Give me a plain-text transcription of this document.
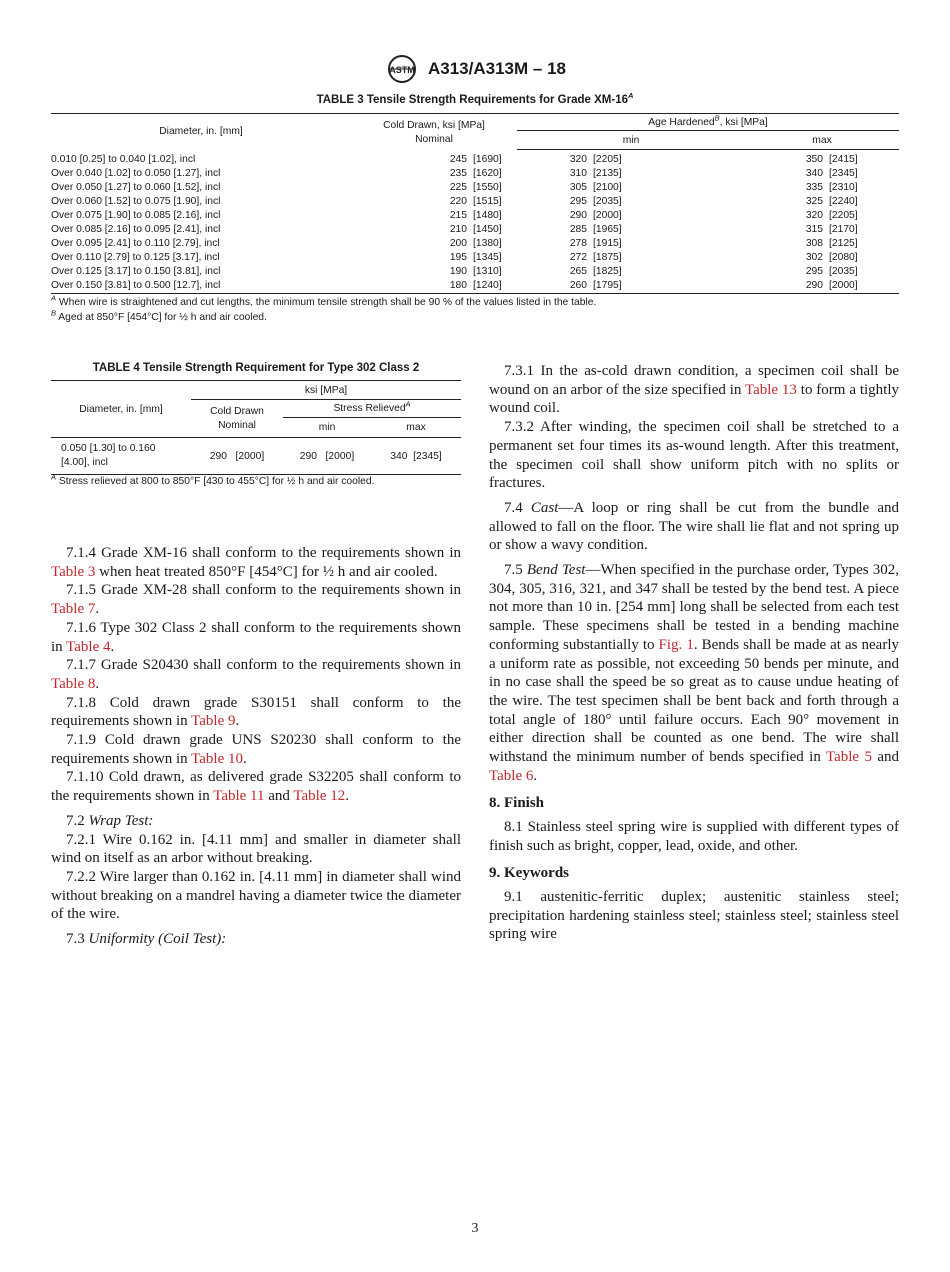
ASTM A313/A313M – 18
TABLE 3 Tensile Strength Requirements for Grade $XM-16^A$
Diameter, in. [mm]	Cold Drawn, ksi [MPa]
Nominal		Age Hardened$^B$, ksi [MPa]			
			min		max	
0.010 [0.25] to 0.040 [1.02], incl	245	[1690]	320	[2205]	350	[2415]
Over 0.040 [1.02] to 0.050 [1.27], incl	235	[1620]	310	[2135]	340	[2345]
Over 0.050 [1.27] to 0.060 [1.52], incl	225	[1550]	305	[2100]	335	[2310]
Over 0.060 [1.52] to 0.075 [1.90], incl	220	[1515]	295	[2035]	325	[2240]
Over 0.075 [1.90] to 0.085 [2.16], incl	215	[1480]	290	[2000]	320	[2205]
Over 0.085 [2.16] to 0.095 [2.41], incl	210	[1450]	285	[1965]	315	[2170]
Over 0.095 [2.41] to 0.110 [2.79], incl	200	[1380]	278	[1915]	308	[2125]
Over 0.110 [2.79] to 0.125 [3.17], incl	195	[1345]	272	[1875]	302	[2080]
Over 0.125 [3.17] to 0.150 [3.81], incl	190	[1310]	265	[1825]	295	[2035]
Over 0.150 [3.81] to 0.500 [12.7], incl	180	[1240]	260	[1795]	290	[2000]
$^A$ When wire is straightened and cut lengths, the minimum tensile strength shall be 90 % of the values listed in the table.
$^B$ Aged at 850°F [454°C] for ½ h and air cooled.
TABLE 4 Tensile Strength Requirement for Type 302 Class 2
Diameter, in. [mm]	ksi [MPa]		

	Cold Drawn
Nominal	Stress Relieved$^A$
		min	max

0.050 [1.30] to 0.160
[4.00], incl	290   [2000]	290   [2000]	340  [2345]
$^A$ Stress relieved at 800 to 850°F [430 to 455°C] for ½ h and air cooled.

7.1.4 Grade XM-16 shall conform to the requirements shown in Table 3 when heat treated 850°F [454°C] for ½ h and air cooled.

7.1.5 Grade XM-28 shall conform to the requirements shown in Table 7.

7.1.6 Type 302 Class 2 shall conform to the requirements shown in Table 4.

7.1.7 Grade S20430 shall conform to the requirements shown in Table 8.

7.1.8 Cold drawn grade S30151 shall conform to the requirements shown in Table 9.

7.1.9 Cold drawn grade UNS S20230 shall conform to the requirements shown in Table 10.

7.1.10 Cold drawn, as delivered grade S32205 shall conform to the requirements shown in Table 11 and Table 12.

7.2 Wrap Test:

7.2.1 Wire 0.162 in. [4.11 mm] and smaller in diameter shall wind on itself as an arbor without breaking.

7.2.2 Wire larger than 0.162 in. [4.11 mm] in diameter shall wind without breaking on a mandrel having a diameter twice the diameter of the wire.

7.3 Uniformity (Coil Test):

7.3.1 In the as-cold drawn condition, a specimen coil shall be wound on an arbor of the size specified in Table 13 to form a tightly wound coil.

7.3.2 After winding, the specimen coil shall be stretched to a permanent set four times its as-wound length. After this treatment, the specimen coil shall show uniform pitch with no splits or fractures.

7.4 Cast—A loop or ring shall be cut from the bundle and allowed to fall on the floor. The wire shall lie flat and not spring up or show a wavy condition.

7.5 Bend Test—When specified in the purchase order, Types 302, 304, 305, 316, 321, and 347 shall be tested by the bend test. A piece not more than 10 in. [254 mm] long shall be selected from each test sample. These specimens shall be tested in a bending machine conforming substantially to Fig. 1. Bends shall be made at as nearly a uniform rate as possible, not exceeding 50 bends per minute, and in no case shall the speed be so great as to cause undue heating of the wire. The test specimen shall be bent back and forth through a total angle of 180° until failure occurs. Each 90° movement in either direction shall be counted as one bend. The wire shall withstand the minimum number of bends specified in Table 5 and Table 6.

8. Finish

8.1 Stainless steel spring wire is supplied with different types of finish such as bright, copper, lead, oxide, and other.

9. Keywords

9.1 austenitic-ferritic duplex; austenitic stainless steel; precipitation hardening stainless steel; stainless steel; stainless steel spring wire

3
